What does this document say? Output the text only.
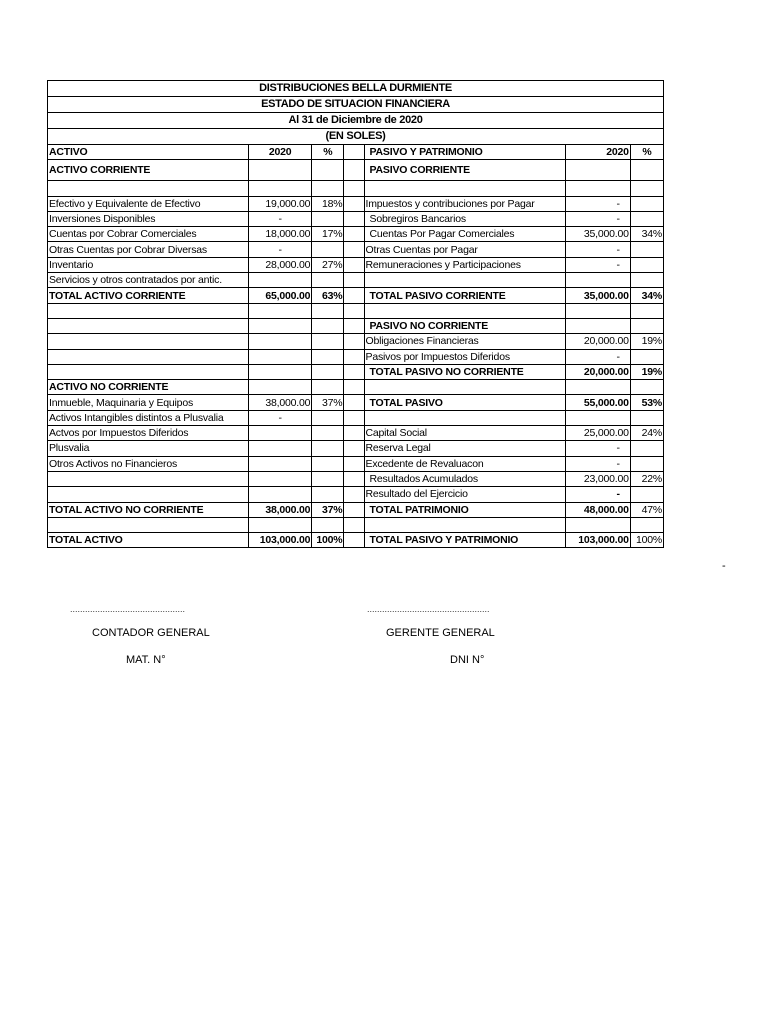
DISTRIBUCIONES BELLA DURMIENTE
ESTADO DE SITUACION FINANCIERA
Al 31 de Diciembre de 2020
(EN SOLES)
ACTIVO	2020	%		PASIVO Y PATRIMONIO	2020	%
ACTIVO CORRIENTE				PASIVO CORRIENTE		

Efectivo y Equivalente de Efectivo	19,000.00	18%		Impuestos y contribuciones por Pagar	-	
Inversiones Disponibles	-			Sobregiros Bancarios	-	
Cuentas por Cobrar Comerciales	18,000.00	17%		Cuentas Por Pagar Comerciales	35,000.00	34%
Otras Cuentas por Cobrar Diversas	-			Otras Cuentas por Pagar	-	
Inventario	28,000.00	27%		Remuneraciones y Participaciones	-	
Servicios y otros contratados por antic.						
TOTAL ACTIVO CORRIENTE	65,000.00	63%		TOTAL PASIVO CORRIENTE	35,000.00	34%

				PASIVO NO CORRIENTE		
				Obligaciones Financieras	20,000.00	19%
				Pasivos por Impuestos Diferidos	-	
				TOTAL PASIVO NO CORRIENTE	20,000.00	19%
ACTIVO NO CORRIENTE						
Inmueble, Maquinaria y Equipos	38,000.00	37%		TOTAL PASIVO	55,000.00	53%
Activos Intangibles distintos a Plusvalia	-					
Actvos por Impuestos Diferidos				Capital Social	25,000.00	24%
Plusvalia				Reserva Legal	-	
Otros Activos no Financieros				Excedente de Revaluacon	-	
				Resultados Acumulados	23,000.00	22%
				Resultado del Ejercicio	-	
TOTAL ACTIVO NO CORRIENTE	38,000.00	37%		TOTAL PATRIMONIO	48,000.00	47%

TOTAL ACTIVO	103,000.00	100%		TOTAL PASIVO Y PATRIMONIO	103,000.00	100%
-
..............................................	.................................................
CONTADOR GENERAL
MAT. N°
GERENTE GENERAL
DNI N°
